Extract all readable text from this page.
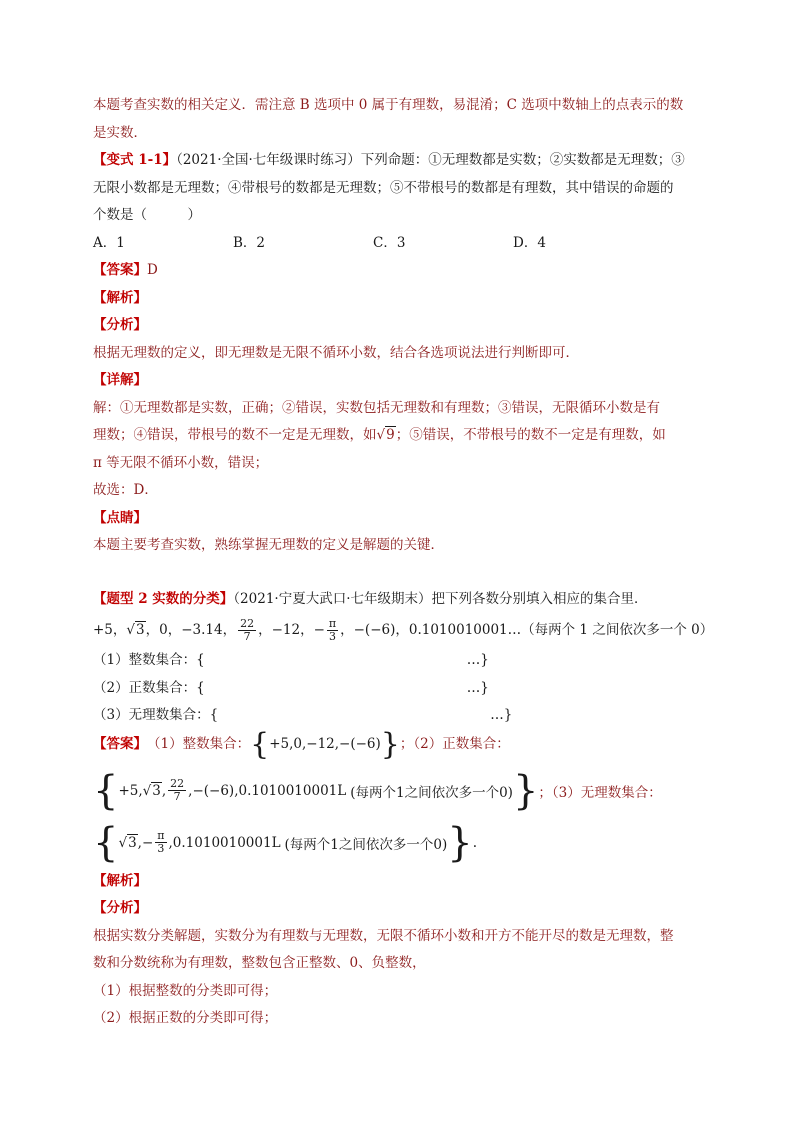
本题考查实数的相关定义．需注意 B 选项中 0 属于有理数，易混淆；C 选项中数轴上的点表示的数
是实数．
【变式 1-1】（2021·全国·七年级课时练习）下列命题：①无理数都是实数；②实数都是无理数；③
无限小数都是无理数；④带根号的数都是无理数；⑤不带根号的数都是有理数，其中错误的命题的
个数是（　　　）
A．1	B．2	C．3	D．4
【答案】D
【解析】
【分析】
根据无理数的定义，即无理数是无限不循环小数，结合各选项说法进行判断即可．
【详解】
解：①无理数都是实数，正确；②错误，实数包括无理数和有理数；③错误，无限循环小数是有
理数；④错误，带根号的数不一定是无理数，如√9；⑤错误，不带根号的数不一定是有理数，如
π 等无限不循环小数，错误；
故选：D．
【点睛】
本题主要考查实数，熟练掌握无理数的定义是解题的关键．
【题型 2 实数的分类】（2021·宁夏大武口·七年级期末）把下列各数分别填入相应的集合里．
+5，√3，0，−3.14， $\frac{22}{7}$ ，−12，− $\frac{\pi}{3}$ ，−(−6)，0.1010010001…（每两个 1 之间依次多一个 0）
（1）整数集合：{	…}
（2）正数集合：{	…}
（3）无理数集合：{	…}
【答案】 （1）整数集合： { +5,0,−12,−(−6) } ；（2）正数集合：
{ +5, √3 , $\frac{22}{7} ,-(-6),0.1010010001L$ (每两个1之间依次多一个0) } ；（3）无理数集合：
{ √3 ,− $\frac{\pi}{3} ,0.1010010001L$ (每两个1之间依次多一个0) } .
【解析】
【分析】
根据实数分类解题，实数分为有理数与无理数，无限不循环小数和开方不能开尽的数是无理数，整
数和分数统称为有理数，整数包含正整数、0、负整数，
（1）根据整数的分类即可得；
（2）根据正数的分类即可得；
